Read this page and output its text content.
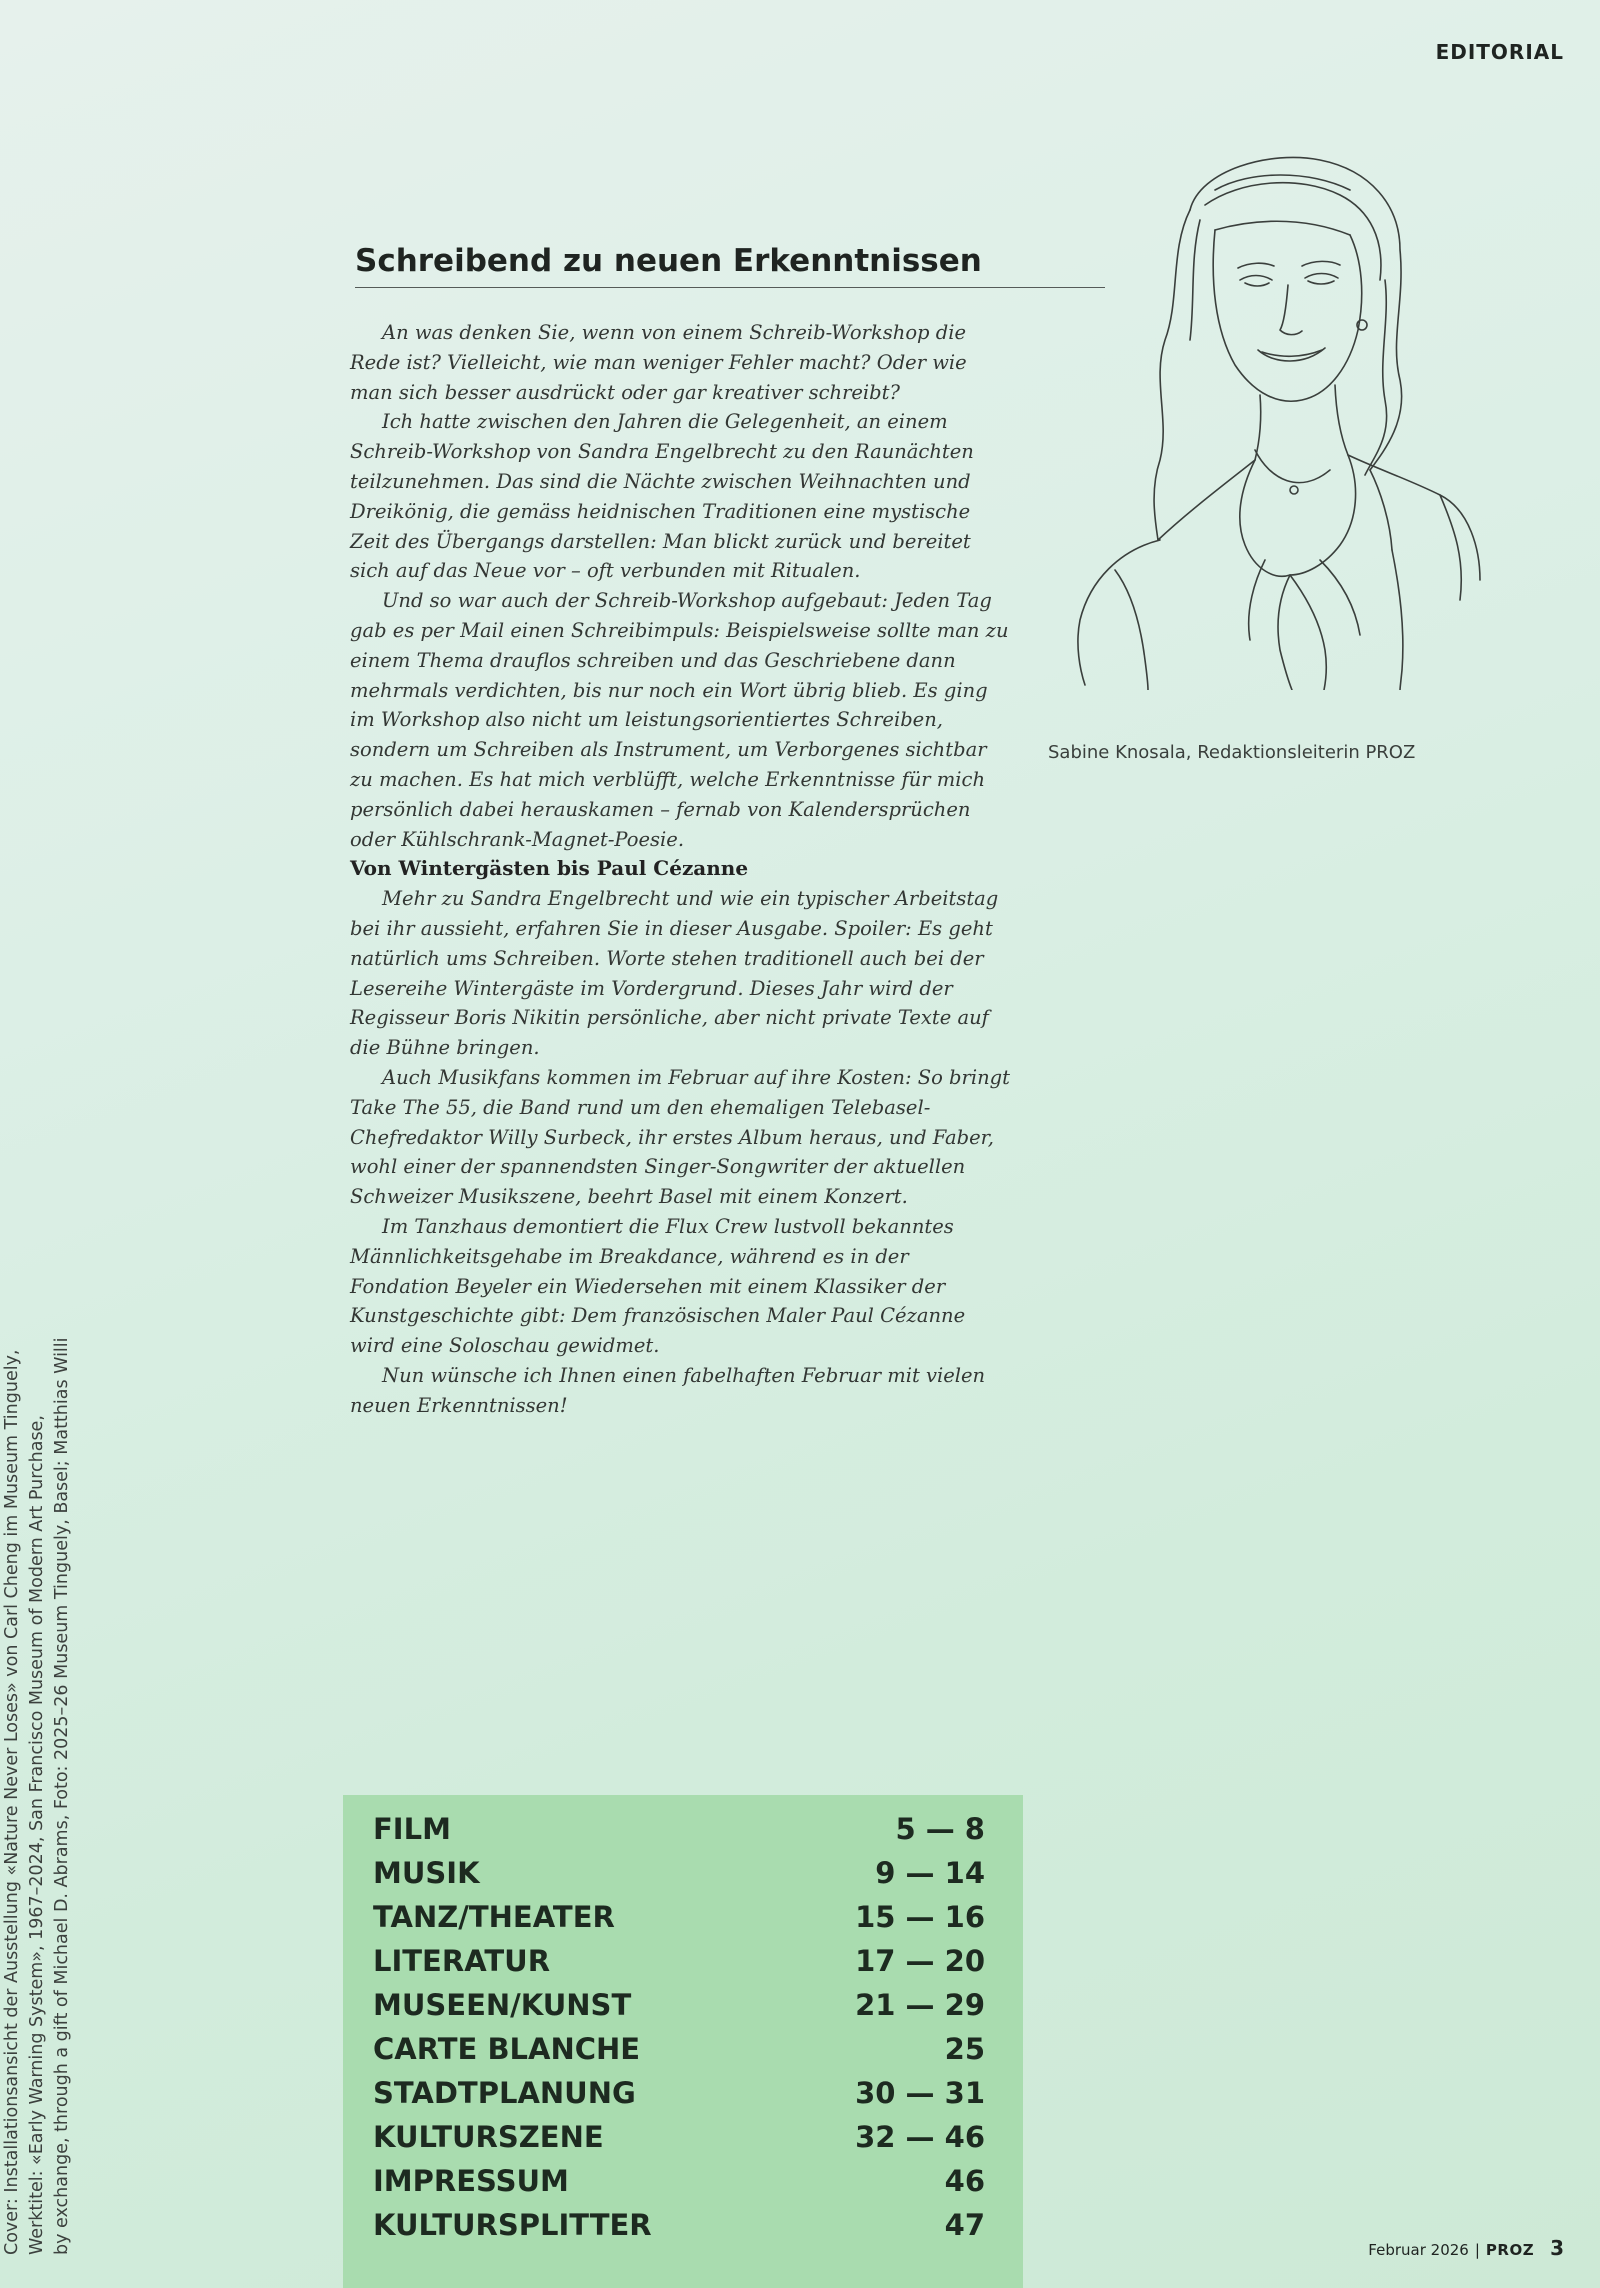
EDITORIAL
Schreibend zu neuen Erkenntnissen

An was denken Sie, wenn von einem Schreib-Workshop die Rede ist? Vielleicht, wie man weniger Fehler macht? Oder wie man sich besser ausdrückt oder gar kreativer schreibt?

Ich hatte zwischen den Jahren die Gelegenheit, an einem Schreib-Workshop von Sandra Engelbrecht zu den Raunächten teilzunehmen. Das sind die Nächte zwischen Weihnachten und Dreikönig, die gemäss heidnischen Traditionen eine mystische Zeit des Übergangs darstellen: Man blickt zurück und bereitet sich auf das Neue vor – oft verbunden mit Ritualen.

Und so war auch der Schreib-Workshop aufgebaut: Jeden Tag gab es per Mail einen Schreibimpuls: Beispielsweise sollte man zu einem Thema drauflos schreiben und das Geschriebene dann mehrmals verdichten, bis nur noch ein Wort übrig blieb. Es ging im Workshop also nicht um leistungsorientiertes Schreiben, sondern um Schreiben als Instrument, um Verborgenes sichtbar zu machen. Es hat mich verblüfft, welche Erkenntnisse für mich persönlich dabei herauskamen – fernab von Kalendersprüchen oder Kühlschrank-Magnet-Poesie.

Von Wintergästen bis Paul Cézanne

Mehr zu Sandra Engelbrecht und wie ein typischer Arbeitstag bei ihr aussieht, erfahren Sie in dieser Ausgabe. Spoiler: Es geht natürlich ums Schreiben. Worte stehen traditionell auch bei der Lesereihe Wintergäste im Vordergrund. Dieses Jahr wird der Regisseur Boris Nikitin persönliche, aber nicht private Texte auf die Bühne bringen.

Auch Musikfans kommen im Februar auf ihre Kosten: So bringt Take The 55, die Band rund um den ehemaligen Telebasel-Chefredaktor Willy Surbeck, ihr erstes Album heraus, und Faber, wohl einer der spannendsten Singer-Songwriter der aktuellen Schweizer Musikszene, beehrt Basel mit einem Konzert.

Im Tanzhaus demontiert die Flux Crew lustvoll bekanntes Männlichkeitsgehabe im Breakdance, während es in der Fondation Beyeler ein Wiedersehen mit einem Klassiker der Kunstgeschichte gibt: Dem französischen Maler Paul Cézanne wird eine Soloschau gewidmet.

Nun wünsche ich Ihnen einen fabelhaften Februar mit vielen neuen Erkenntnissen!

Sabine Knosala, Redaktionsleiterin PROZ
Cover: Installationsansicht der Ausstellung «Nature Never Loses» von Carl Cheng im Museum Tinguely, Werktitel: «Early Warning System», 1967–2024, San Francisco Museum of Modern Art Purchase, by exchange, through a gift of Michael D. Abrams, Foto: 2025–26 Museum Tinguely, Basel; Matthias Willi	FILM	5 — 8
MUSIK	9 — 14
TANZ/THEATER	15 — 16
LITERATUR	17 — 20
MUSEEN/KUNST	21 — 29
CARTE BLANCHE	25
STADTPLANUNG	30 — 31
KULTURSZENE	32 — 46
IMPRESSUM	46
KULTURSPLITTER	47
Februar 2026 | PROZ 3
